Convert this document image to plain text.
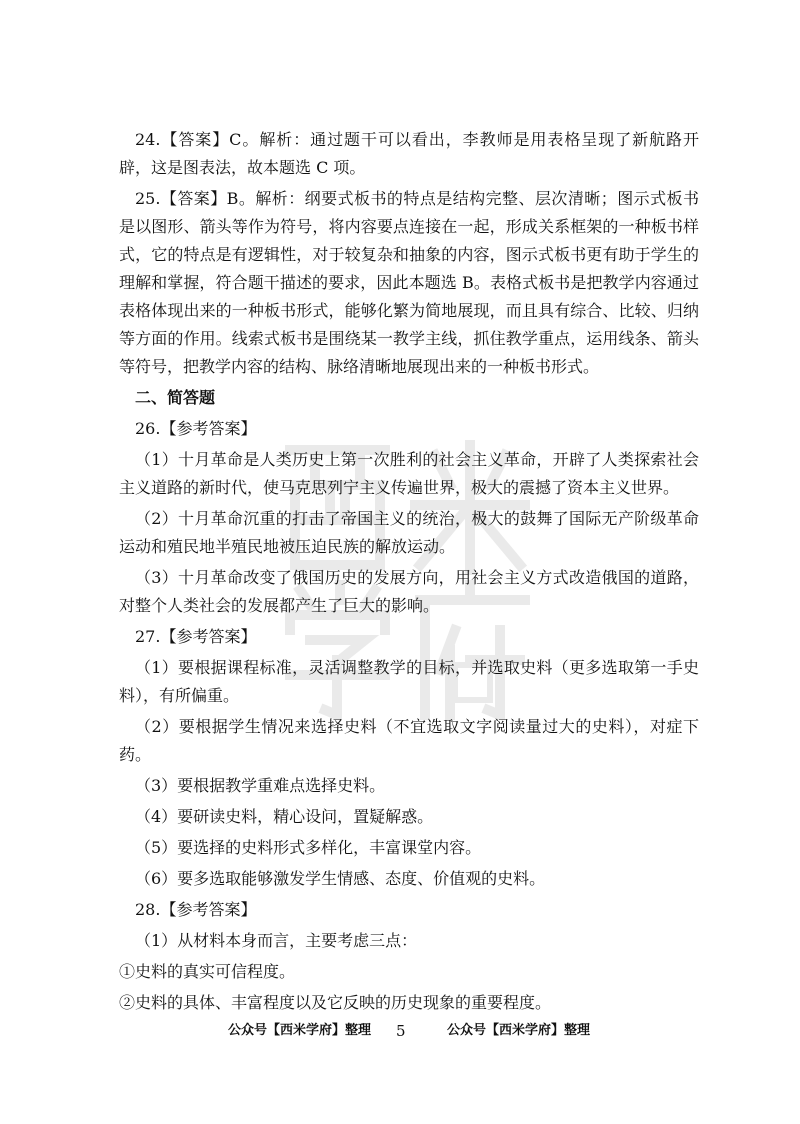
24.【答案】C。解析：通过题干可以看出，李教师是用表格呈现了新航路开辟，这是图表法，故本题选 C 项。

25.【答案】B。解析：纲要式板书的特点是结构完整、层次清晰；图示式板书是以图形、箭头等作为符号，将内容要点连接在一起，形成关系框架的一种板书样式，它的特点是有逻辑性，对于较复杂和抽象的内容，图示式板书更有助于学生的理解和掌握，符合题干描述的要求，因此本题选 B。表格式板书是把教学内容通过表格体现出来的一种板书形式，能够化繁为简地展现，而且具有综合、比较、归纳等方面的作用。线索式板书是围绕某一教学主线，抓住教学重点，运用线条、箭头等符号，把教学内容的结构、脉络清晰地展现出来的一种板书形式。

二、简答题

26.【参考答案】

（1）十月革命是人类历史上第一次胜利的社会主义革命，开辟了人类探索社会主义道路的新时代，使马克思列宁主义传遍世界，极大的震撼了资本主义世界。

（2）十月革命沉重的打击了帝国主义的统治，极大的鼓舞了国际无产阶级革命运动和殖民地半殖民地被压迫民族的解放运动。

（3）十月革命改变了俄国历史的发展方向，用社会主义方式改造俄国的道路，对整个人类社会的发展都产生了巨大的影响。

27.【参考答案】

（1）要根据课程标准，灵活调整教学的目标，并选取史料（更多选取第一手史料），有所偏重。

（2）要根据学生情况来选择史料（不宜选取文字阅读量过大的史料），对症下药。

（3）要根据教学重难点选择史料。

（4）要研读史料，精心设问，置疑解惑。

（5）要选择的史料形式多样化，丰富课堂内容。

（6）要多选取能够激发学生情感、态度、价值观的史料。

28.【参考答案】

（1）从材料本身而言，主要考虑三点：

①史料的真实可信程度。

②史料的具体、丰富程度以及它反映的历史现象的重要程度。

公众号【西米学府】整理 5	公众号【西米学府】整理
